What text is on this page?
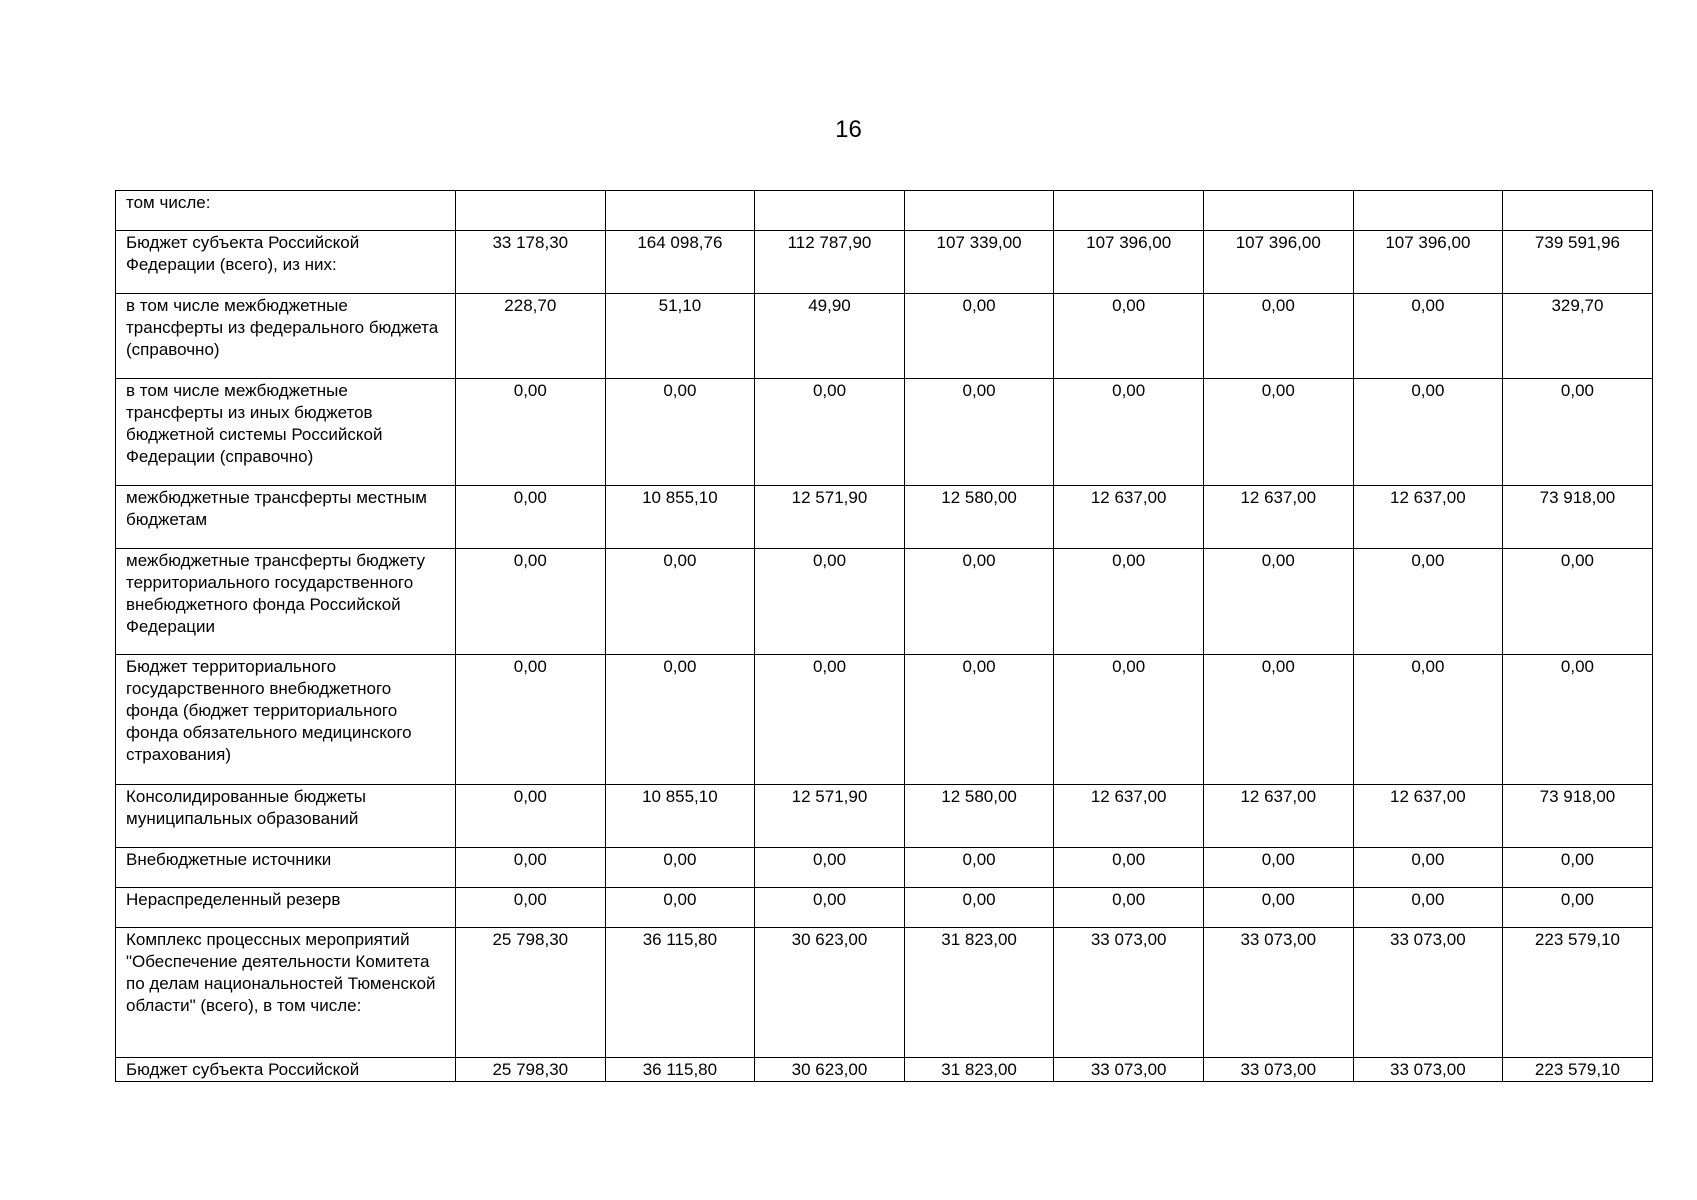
16
том числе:								
Бюджет субъекта Российской Федерации (всего), из них:	33 178,30	164 098,76	112 787,90	107 339,00	107 396,00	107 396,00	107 396,00	739 591,96
в том числе межбюджетные трансферты из федерального бюджета (справочно)	228,70	51,10	49,90	0,00	0,00	0,00	0,00	329,70
в том числе межбюджетные трансферты из иных бюджетов бюджетной системы Российской Федерации (справочно)	0,00	0,00	0,00	0,00	0,00	0,00	0,00	0,00
межбюджетные трансферты местным бюджетам	0,00	10 855,10	12 571,90	12 580,00	12 637,00	12 637,00	12 637,00	73 918,00
межбюджетные трансферты бюджету территориального государственного внебюджетного фонда Российской Федерации	0,00	0,00	0,00	0,00	0,00	0,00	0,00	0,00
Бюджет территориального государственного внебюджетного фонда (бюджет территориального фонда обязательного медицинского страхования)	0,00	0,00	0,00	0,00	0,00	0,00	0,00	0,00
Консолидированные бюджеты муниципальных образований	0,00	10 855,10	12 571,90	12 580,00	12 637,00	12 637,00	12 637,00	73 918,00
Внебюджетные источники	0,00	0,00	0,00	0,00	0,00	0,00	0,00	0,00
Нераспределенный резерв	0,00	0,00	0,00	0,00	0,00	0,00	0,00	0,00
Комплекс процессных мероприятий "Обеспечение деятельности Комитета по делам национальностей Тюменской области" (всего), в том числе:	25 798,30	36 115,80	30 623,00	31 823,00	33 073,00	33 073,00	33 073,00	223 579,10
Бюджет субъекта Российской	25 798,30	36 115,80	30 623,00	31 823,00	33 073,00	33 073,00	33 073,00	223 579,10
